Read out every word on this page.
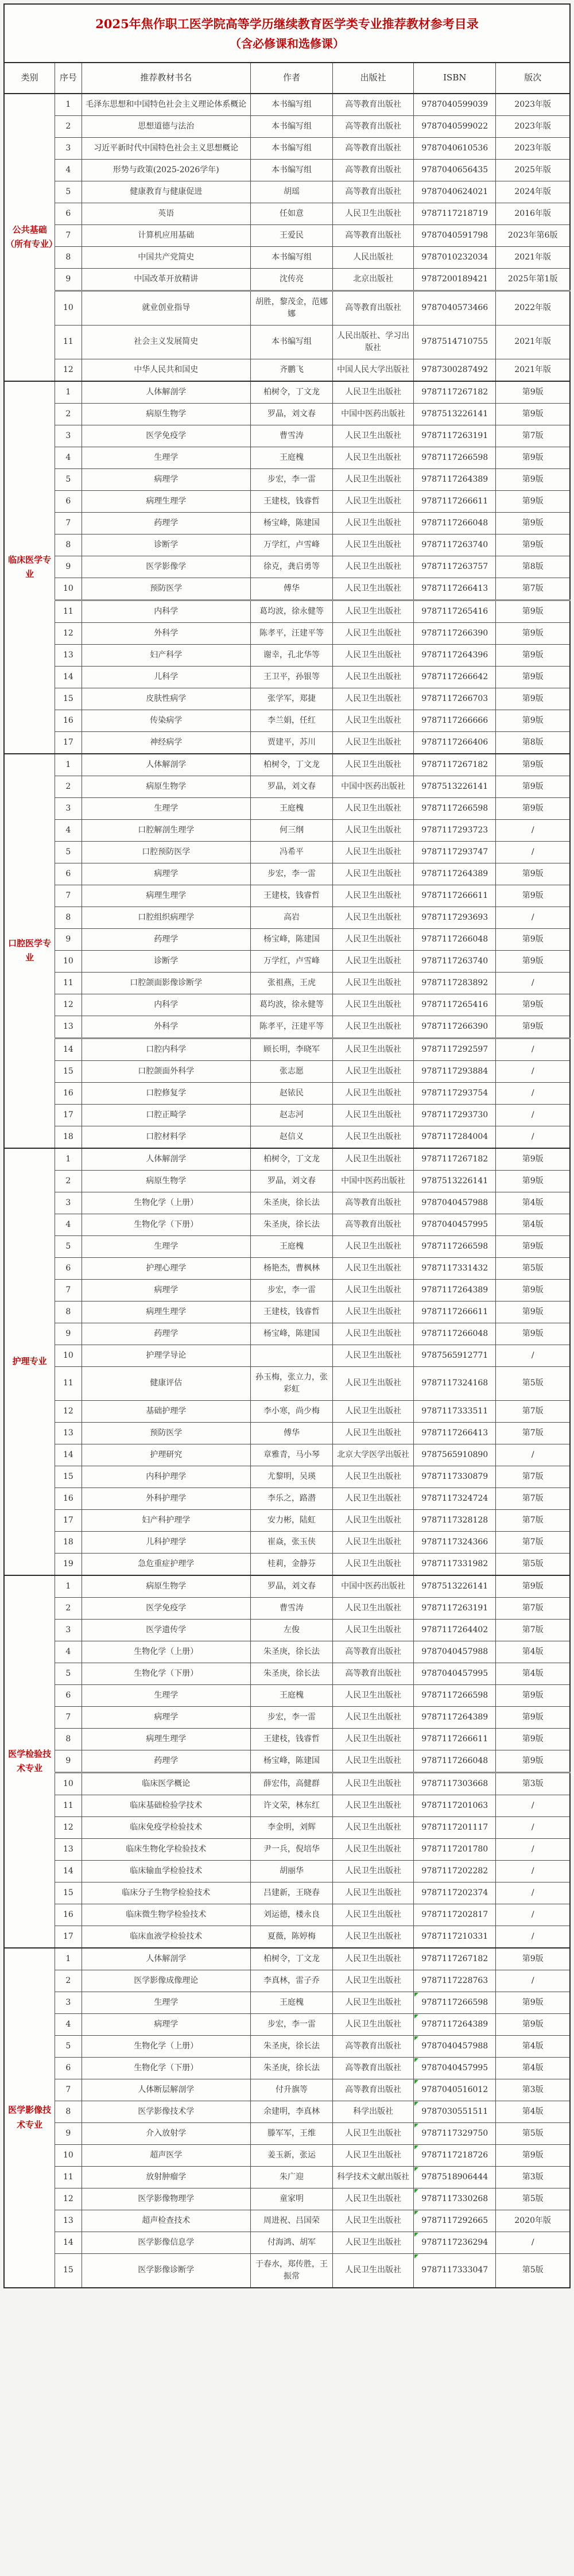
2025年焦作职工医学院高等学历继续教育医学类专业推荐教材参考目录
（含必修课和选修课）						

类别	序号	推荐教材书名	作者	出版社	ISBN	版次
公共基础（所有专业）	1	毛泽东思想和中国特色社会主义理论体系概论	本书编写组	高等教育出版社	9787040599039	2023年版
	2	思想道德与法治	本书编写组	高等教育出版社	9787040599022	2023年版
	3	习近平新时代中国特色社会主义思想概论	本书编写组	高等教育出版社	9787040610536	2023年版
	4	形势与政策(2025-2026学年)	本书编写组	高等教育出版社	9787040656435	2025年版
	5	健康教育与健康促进	胡瑶	高等教育出版社	9787040624021	2024年版
	6	英语	任如意	人民卫生出版社	9787117218719	2016年版
	7	计算机应用基础	王爱民	高等教育出版社	9787040591798	2023年第6版
	8	中国共产党简史	本书编写组	人民出版社	9787010232034	2021年版
	9	中国改革开放精讲	沈传亮	北京出版社	9787200189421	2025年第1版
	10	就业创业指导	胡胜，黎茂金，范娜娜	高等教育出版社	9787040573466	2022年版
	11	社会主义发展简史	本书编写组	人民出版社、学习出版社	9787514710755	2021年版
	12	中华人民共和国史	齐鹏飞	中国人民大学出版社	9787300287492	2021年版
临床医学专业	1	人体解剖学	柏树令，丁文龙	人民卫生出版社	9787117267182	第9版
	2	病原生物学	罗晶，刘文春	中国中医药出版社	9787513226141	第9版
	3	医学免疫学	曹雪涛	人民卫生出版社	9787117263191	第7版
	4	生理学	王庭槐	人民卫生出版社	9787117266598	第9版
	5	病理学	步宏，李一雷	人民卫生出版社	9787117264389	第9版
	6	病理生理学	王建枝，钱睿哲	人民卫生出版社	9787117266611	第9版
	7	药理学	杨宝峰，陈建国	人民卫生出版社	9787117266048	第9版
	8	诊断学	万学红，卢雪峰	人民卫生出版社	9787117263740	第9版
	9	医学影像学	徐克，龚启勇等	人民卫生出版社	9787117263757	第8版
	10	预防医学	傅华	人民卫生出版社	9787117266413	第7版
	11	内科学	葛均波，徐永健等	人民卫生出版社	9787117265416	第9版
	12	外科学	陈孝平，汪建平等	人民卫生出版社	9787117266390	第9版
	13	妇产科学	谢幸，孔北华等	人民卫生出版社	9787117264396	第9版
	14	儿科学	王卫平，孙银等	人民卫生出版社	9787117266642	第9版
	15	皮肤性病学	张学军，郑捷	人民卫生出版社	9787117266703	第9版
	16	传染病学	李兰娟，任红	人民卫生出版社	9787117266666	第9版
	17	神经病学	贾建平，苏川	人民卫生出版社	9787117266406	第8版
口腔医学专业	1	人体解剖学	柏树令，丁文龙	人民卫生出版社	9787117267182	第9版
	2	病原生物学	罗晶，刘文春	中国中医药出版社	9787513226141	第9版
	3	生理学	王庭槐	人民卫生出版社	9787117266598	第9版
	4	口腔解剖生理学	何三纲	人民卫生出版社	9787117293723	/
	5	口腔预防医学	冯希平	人民卫生出版社	9787117293747	/
	6	病理学	步宏，李一雷	人民卫生出版社	9787117264389	第9版
	7	病理生理学	王建枝，钱睿哲	人民卫生出版社	9787117266611	第9版
	8	口腔组织病理学	高岩	人民卫生出版社	9787117293693	/
	9	药理学	杨宝峰，陈建国	人民卫生出版社	9787117266048	第9版
	10	诊断学	万学红，卢雪峰	人民卫生出版社	9787117263740	第9版
	11	口腔颌面影像诊断学	张祖燕，王虎	人民卫生出版社	9787117283892	/
	12	内科学	葛均波，徐永健等	人民卫生出版社	9787117265416	第9版
	13	外科学	陈孝平，汪建平等	人民卫生出版社	9787117266390	第9版
	14	口腔内科学	顾长明，李晓军	人民卫生出版社	9787117292597	/
	15	口腔颌面外科学	张志愿	人民卫生出版社	9787117293884	/
	16	口腔修复学	赵铱民	人民卫生出版社	9787117293754	/
	17	口腔正畸学	赵志河	人民卫生出版社	9787117293730	/
	18	口腔材料学	赵信义	人民卫生出版社	9787117284004	/
护理专业	1	人体解剖学	柏树令，丁文龙	人民卫生出版社	9787117267182	第9版
	2	病原生物学	罗晶，刘文春	中国中医药出版社	9787513226141	第9版
	3	生物化学（上册）	朱圣庚，徐长法	高等教育出版社	9787040457988	第4版
	4	生物化学（下册）	朱圣庚，徐长法	高等教育出版社	9787040457995	第4版
	5	生理学	王庭槐	人民卫生出版社	9787117266598	第9版
	6	护理心理学	杨艳杰，曹枫林	人民卫生出版社	9787117331432	第5版
	7	病理学	步宏，李一雷	人民卫生出版社	9787117264389	第9版
	8	病理生理学	王建枝，钱睿哲	人民卫生出版社	9787117266611	第9版
	9	药理学	杨宝峰，陈建国	人民卫生出版社	9787117266048	第9版
	10	护理学导论		人民卫生出版社	9787565912771	/
	11	健康评估	孙玉梅，张立力，张彩虹	人民卫生出版社	9787117324168	第5版
	12	基础护理学	李小寒，尚少梅	人民卫生出版社	9787117333511	第7版
	13	预防医学	傅华	人民卫生出版社	9787117266413	第7版
	14	护理研究	章雅青，马小琴	北京大学医学出版社	9787565910890	/
	15	内科护理学	尤黎明，吴瑛	人民卫生出版社	9787117330879	第7版
	16	外科护理学	李乐之，路潜	人民卫生出版社	9787117324724	第7版
	17	妇产科护理学	安力彬，陆虹	人民卫生出版社	9787117328128	第7版
	18	儿科护理学	崔焱，张玉侠	人民卫生出版社	9787117324366	第7版
	19	急危重症护理学	桂莉，金静芬	人民卫生出版社	9787117331982	第5版
医学检验技术专业	1	病原生物学	罗晶，刘文春	中国中医药出版社	9787513226141	第9版
	2	医学免疫学	曹雪涛	人民卫生出版社	9787117263191	第7版
	3	医学遗传学	左俊	人民卫生出版社	9787117264402	第7版
	4	生物化学（上册）	朱圣庚，徐长法	高等教育出版社	9787040457988	第4版
	5	生物化学（下册）	朱圣庚，徐长法	高等教育出版社	9787040457995	第4版
	6	生理学	王庭槐	人民卫生出版社	9787117266598	第9版
	7	病理学	步宏，李一雷	人民卫生出版社	9787117264389	第9版
	8	病理生理学	王建枝，钱睿哲	人民卫生出版社	9787117266611	第9版
	9	药理学	杨宝峰，陈建国	人民卫生出版社	9787117266048	第9版
	10	临床医学概论	薛宏伟，高健群	人民卫生出版社	9787117303668	第3版
	11	临床基础检验学技术	许文荣，林东红	人民卫生出版社	9787117201063	/
	12	临床免疫学检验技术	李金明，刘辉	人民卫生出版社	9787117201117	/
	13	临床生物化学检验技术	尹一兵，倪培华	人民卫生出版社	9787117201780	/
	14	临床输血学检验技术	胡丽华	人民卫生出版社	9787117202282	/
	15	临床分子生物学检验技术	吕建新，王晓春	人民卫生出版社	9787117202374	/
	16	临床微生物学检验技术	刘运德，楼永良	人民卫生出版社	9787117202817	/
	17	临床血液学检验技术	夏薇，陈婷梅	人民卫生出版社	9787117210331	/
医学影像技术专业	1	人体解剖学	柏树令，丁文龙	人民卫生出版社	9787117267182	第9版
	2	医学影像成像理论	李真林，雷子乔	人民卫生出版社	9787117228763	/
	3	生理学	王庭槐	人民卫生出版社	9787117266598	第9版
	4	病理学	步宏，李一雷	人民卫生出版社	9787117264389	第9版
	5	生物化学（上册）	朱圣庚，徐长法	高等教育出版社	9787040457988	第4版
	6	生物化学（下册）	朱圣庚，徐长法	高等教育出版社	9787040457995	第4版
	7	人体断层解剖学	付升旗等	高等教育出版社	9787040516012	第3版
	8	医学影像技术学	余建明，李真林	科学出版社	9787030551511	第4版
	9	介入放射学	滕军军，王维	人民卫生出版社	9787117329750	第5版
	10	超声医学	姜玉新，张运	人民卫生出版社	9787117218726	第9版
	11	放射肿瘤学	朱广迎	科学技术文献出版社	9787518906444	第3版
	12	医学影像物理学	童家明	人民卫生出版社	9787117330268	第5版
	13	超声检查技术	周进祝、吕国荣	人民卫生出版社	9787117292665	2020年版
	14	医学影像信息学	付海鸿、胡军	人民卫生出版社	9787117236294	/
	15	医学影像诊断学	于春水，郑传胜，王振常	人民卫生出版社	9787117333047	第5版
